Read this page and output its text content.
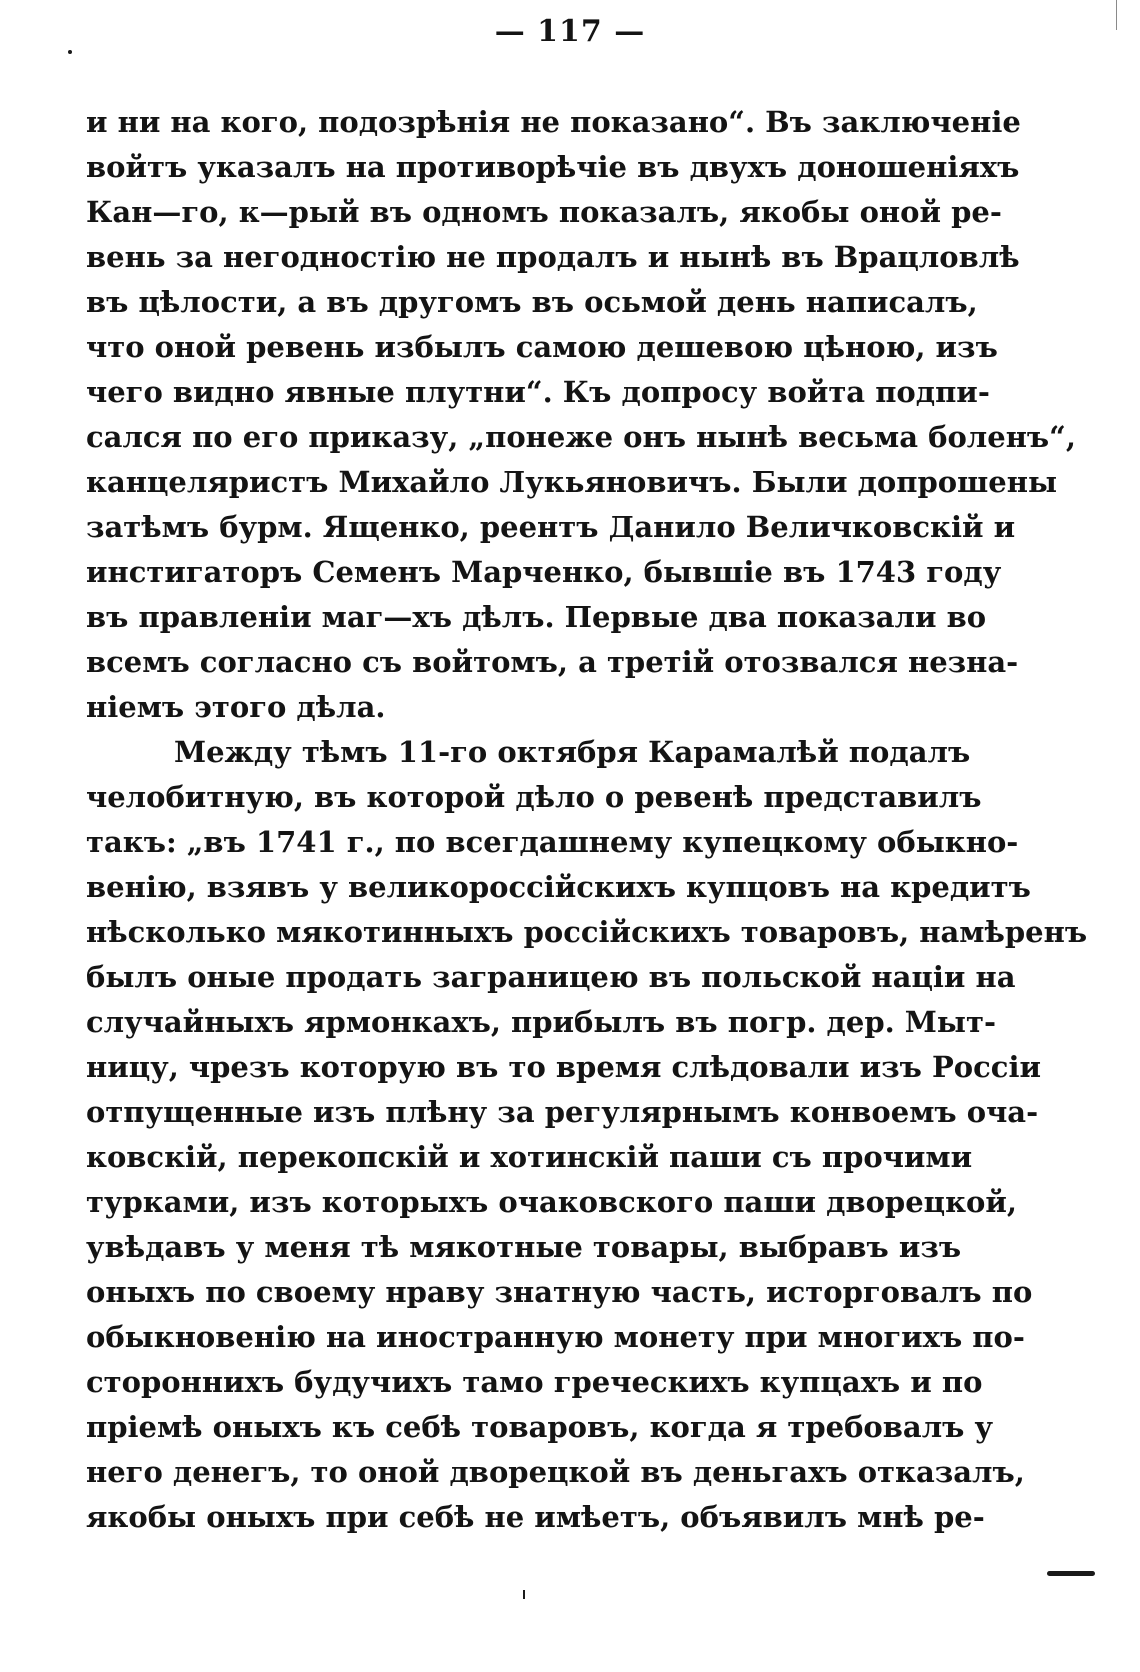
— 117 —
и ни на кого, подозрѣнія не показано“. Въ заключеніе
войтъ указалъ на противорѣчіе въ двухъ доношеніяхъ
Кан—го, к—рый въ одномъ показалъ, якобы оной ре-
вень за негодностію не продалъ и нынѣ въ Врацловлѣ
въ цѣлости, а въ другомъ въ осьмой день написалъ,
что оной ревень избылъ самою дешевою цѣною, изъ
чего видно явные плутни“. Къ допросу войта подпи-
сался по его приказу, „понеже онъ нынѣ весьма боленъ“,
канцеляристъ Михайло Лукьяновичъ. Были допрошены
затѣмъ бурм. Ященко, реентъ Данило Величковскій и
инстигаторъ Семенъ Марченко, бывшіе въ 1743 году
въ правленіи маг—хъ дѣлъ. Первые два показали во
всемъ согласно съ войтомъ, а третій отозвался незна-
ніемъ этого дѣла.
Между тѣмъ 11-го октября Карамалѣй подалъ
челобитную, въ которой дѣло о ревенѣ представилъ
такъ: „въ 1741 г., по всегдашнему купецкому обыкно-
венію, взявъ у великороссійскихъ купцовъ на кредитъ
нѣсколько мякотинныхъ россійскихъ товаровъ, намѣренъ
былъ оные продать заграницею въ польской націи на
случайныхъ ярмонкахъ, прибылъ въ погр. дер. Мыт-
ницу, чрезъ которую въ то время слѣдовали изъ Россіи
отпущенные изъ плѣну за регулярнымъ конвоемъ оча-
ковскій, перекопскій и хотинскій паши съ прочими
турками, изъ которыхъ очаковского паши дворецкой,
увѣдавъ у меня тѣ мякотные товары, выбравъ изъ
оныхъ по своему нраву знатную часть, исторговалъ по
обыкновенію на иностранную монету при многихъ по-
стороннихъ будучихъ тамо греческихъ купцахъ и по
пріемѣ оныхъ къ себѣ товаровъ, когда я требовалъ у
него денегъ, то оной дворецкой въ деньгахъ отказалъ,
якобы оныхъ при себѣ не имѣетъ, объявилъ мнѣ ре-
